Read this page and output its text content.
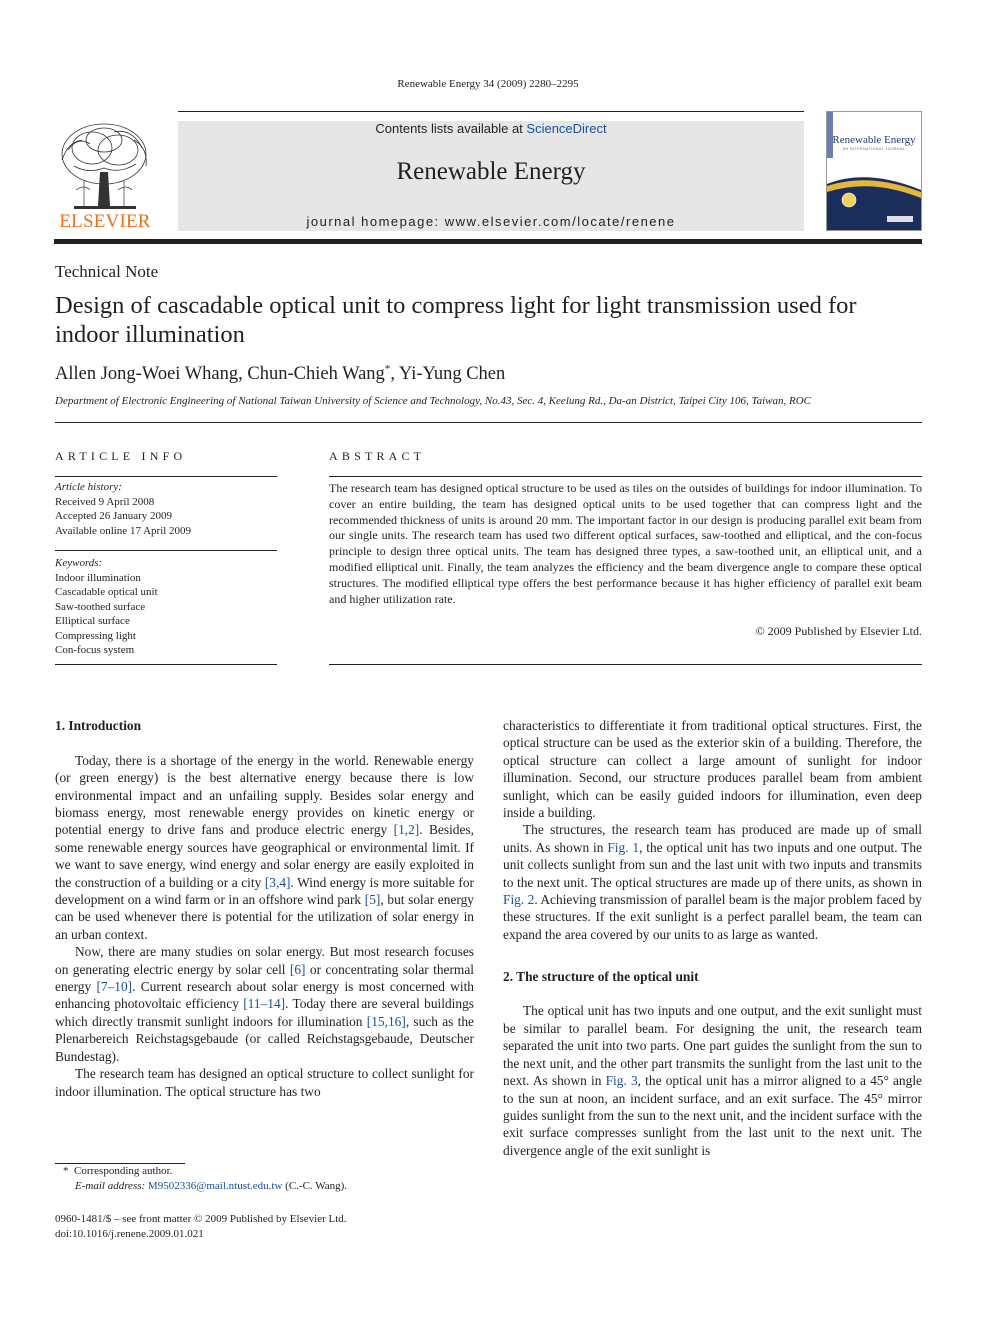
Renewable Energy 34 (2009) 2280–2295
ELSEVIER
Contents lists available at ScienceDirect
Renewable Energy
journal homepage: www.elsevier.com/locate/renene
Renewable Energy
AN INTERNATIONAL JOURNAL
Technical Note
Design of cascadable optical unit to compress light for light transmission used for indoor illumination
Allen Jong-Woei Whang, Chun-Chieh Wang*, Yi-Yung Chen
Department of Electronic Engineering of National Taiwan University of Science and Technology, No.43, Sec. 4, Keelung Rd., Da-an District, Taipei City 106, Taiwan, ROC
ARTICLE INFO	ABSTRACT
Article history:
Received 9 April 2008
Accepted 26 January 2009
Available online 17 April 2009
Keywords:
Indoor illumination
Cascadable optical unit
Saw-toothed surface
Elliptical surface
Compressing light
Con-focus system
The research team has designed optical structure to be used as tiles on the outsides of buildings for indoor illumination. To cover an entire building, the team has designed optical units to be used together that can compress light and the recommended thickness of units is around 20 mm. The important factor in our design is producing parallel exit beam from our single units. The research team has used two different optical surfaces, saw-toothed and elliptical, and the con-focus principle to design three optical units. The team has designed three types, a saw-toothed unit, an elliptical unit, and a modified elliptical unit. Finally, the team analyzes the efficiency and the beam divergence angle to compare these optical structures. The modified elliptical type offers the best performance because it has higher efficiency of parallel exit beam and higher utilization rate.
© 2009 Published by Elsevier Ltd.
1. Introduction

Today, there is a shortage of the energy in the world. Renewable energy (or green energy) is the best alternative energy because there is low environmental impact and an unfailing supply. Besides solar energy and biomass energy, most renewable energy provides on kinetic energy or potential energy to drive fans and produce electric energy [1,2]. Besides, some renewable energy sources have geographical or environmental limit. If we want to save energy, wind energy and solar energy are easily exploited in the construction of a building or a city [3,4]. Wind energy is more suitable for development on a wind farm or in an offshore wind park [5], but solar energy can be used whenever there is potential for the utilization of solar energy in an urban context.

Now, there are many studies on solar energy. But most research focuses on generating electric energy by solar cell [6] or concentrating solar thermal energy [7–10]. Current research about solar energy is most concerned with enhancing photovoltaic efficiency [11–14]. Today there are several buildings which directly transmit sunlight indoors for illumination [15,16], such as the Plenarbereich Reichstagsgebaude (or called Reichstagsgebaude, Deutscher Bundestag).

The research team has designed an optical structure to collect sunlight for indoor illumination. The optical structure has two

characteristics to differentiate it from traditional optical structures. First, the optical structure can be used as the exterior skin of a building. Therefore, the optical structure can collect a large amount of sunlight for indoor illumination. Second, our structure produces parallel beam from ambient sunlight, which can be easily guided indoors for illumination, even deep inside a building.

The structures, the research team has produced are made up of small units. As shown in Fig. 1, the optical unit has two inputs and one output. The unit collects sunlight from sun and the last unit with two inputs and transmits to the next unit. The optical structures are made up of there units, as shown in Fig. 2. Achieving transmission of parallel beam is the major problem faced by these structures. If the exit sunlight is a perfect parallel beam, the team can expand the area covered by our units to as large as wanted.

2. The structure of the optical unit

The optical unit has two inputs and one output, and the exit sunlight must be similar to parallel beam. For designing the unit, the research team separated the unit into two parts. One part guides the sunlight from the sun to the next unit, and the other part transmits the sunlight from the last unit to the next. As shown in Fig. 3, the optical unit has a mirror aligned to a 45° angle to the sun at noon, an incident surface, and an exit surface. The 45° mirror guides sunlight from the sun to the next unit, and the incident surface with the exit surface compresses sunlight from the last unit to the next unit. The divergence angle of the exit sunlight is

* Corresponding author.
E-mail address: M9502336@mail.ntust.edu.tw (C.-C. Wang).
0960-1481/$ – see front matter © 2009 Published by Elsevier Ltd.
doi:10.1016/j.renene.2009.01.021
